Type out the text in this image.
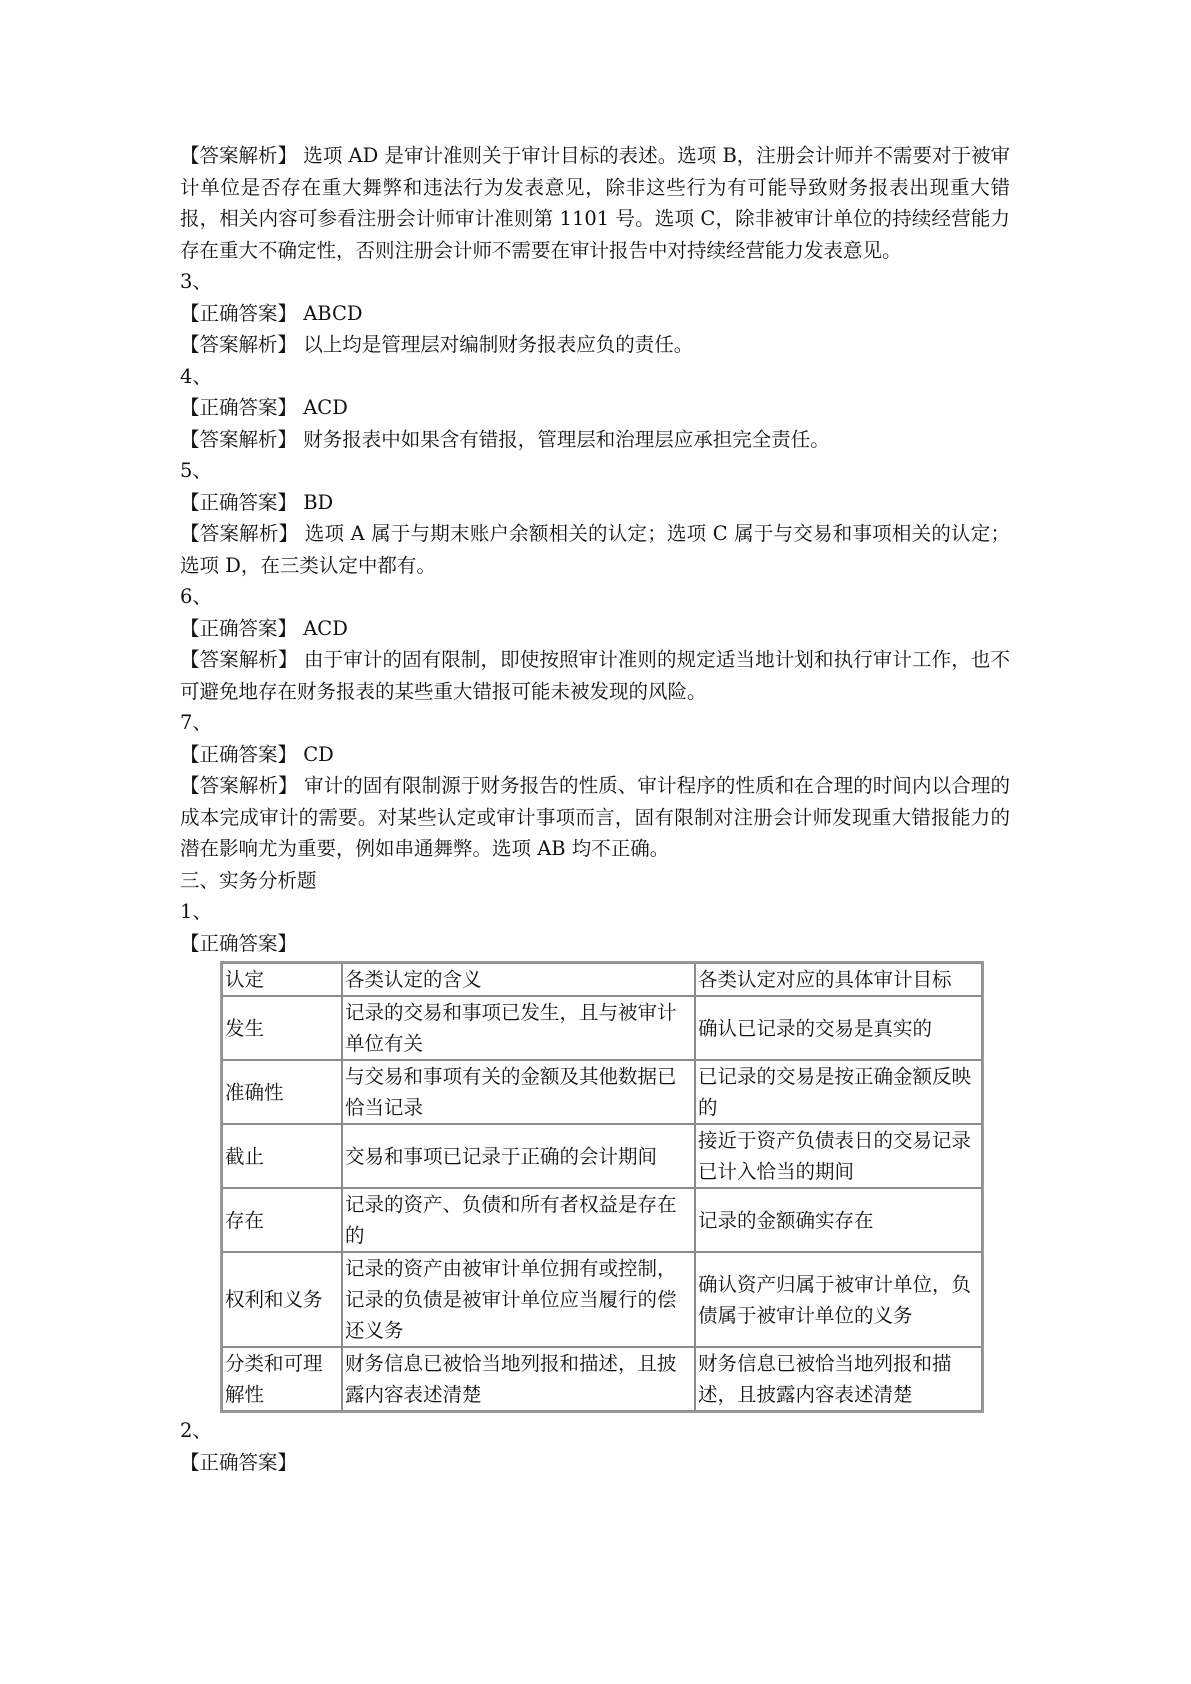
【答案解析】 选项 AD 是审计准则关于审计目标的表述。选项 B，注册会计师并不需要对于被审计单位是否存在重大舞弊和违法行为发表意见，除非这些行为有可能导致财务报表出现重大错报，相关内容可参看注册会计师审计准则第 1101 号。选项 C，除非被审计单位的持续经营能力存在重大不确定性，否则注册会计师不需要在审计报告中对持续经营能力发表意见。

3、

【正确答案】 ABCD

【答案解析】 以上均是管理层对编制财务报表应负的责任。

4、

【正确答案】 ACD

【答案解析】 财务报表中如果含有错报，管理层和治理层应承担完全责任。

5、

【正确答案】 BD

【答案解析】 选项 A 属于与期末账户余额相关的认定；选项 C 属于与交易和事项相关的认定；选项 D，在三类认定中都有。

6、

【正确答案】 ACD

【答案解析】 由于审计的固有限制，即使按照审计准则的规定适当地计划和执行审计工作，也不可避免地存在财务报表的某些重大错报可能未被发现的风险。

7、

【正确答案】 CD

【答案解析】 审计的固有限制源于财务报告的性质、审计程序的性质和在合理的时间内以合理的成本完成审计的需要。对某些认定或审计事项而言，固有限制对注册会计师发现重大错报能力的潜在影响尤为重要，例如串通舞弊。选项 AB 均不正确。

三、实务分析题

1、

【正确答案】

认定	各类认定的含义	各类认定对应的具体审计目标
发生	记录的交易和事项已发生，且与被审计单位有关	确认已记录的交易是真实的
准确性	与交易和事项有关的金额及其他数据已恰当记录	已记录的交易是按正确金额反映的
截止	交易和事项已记录于正确的会计期间	接近于资产负债表日的交易记录已计入恰当的期间
存在	记录的资产、负债和所有者权益是存在的	记录的金额确实存在
权利和义务	记录的资产由被审计单位拥有或控制，记录的负债是被审计单位应当履行的偿还义务	确认资产归属于被审计单位，负债属于被审计单位的义务
分类和可理解性	财务信息已被恰当地列报和描述，且披露内容表述清楚	财务信息已被恰当地列报和描述，且披露内容表述清楚

2、

【正确答案】
